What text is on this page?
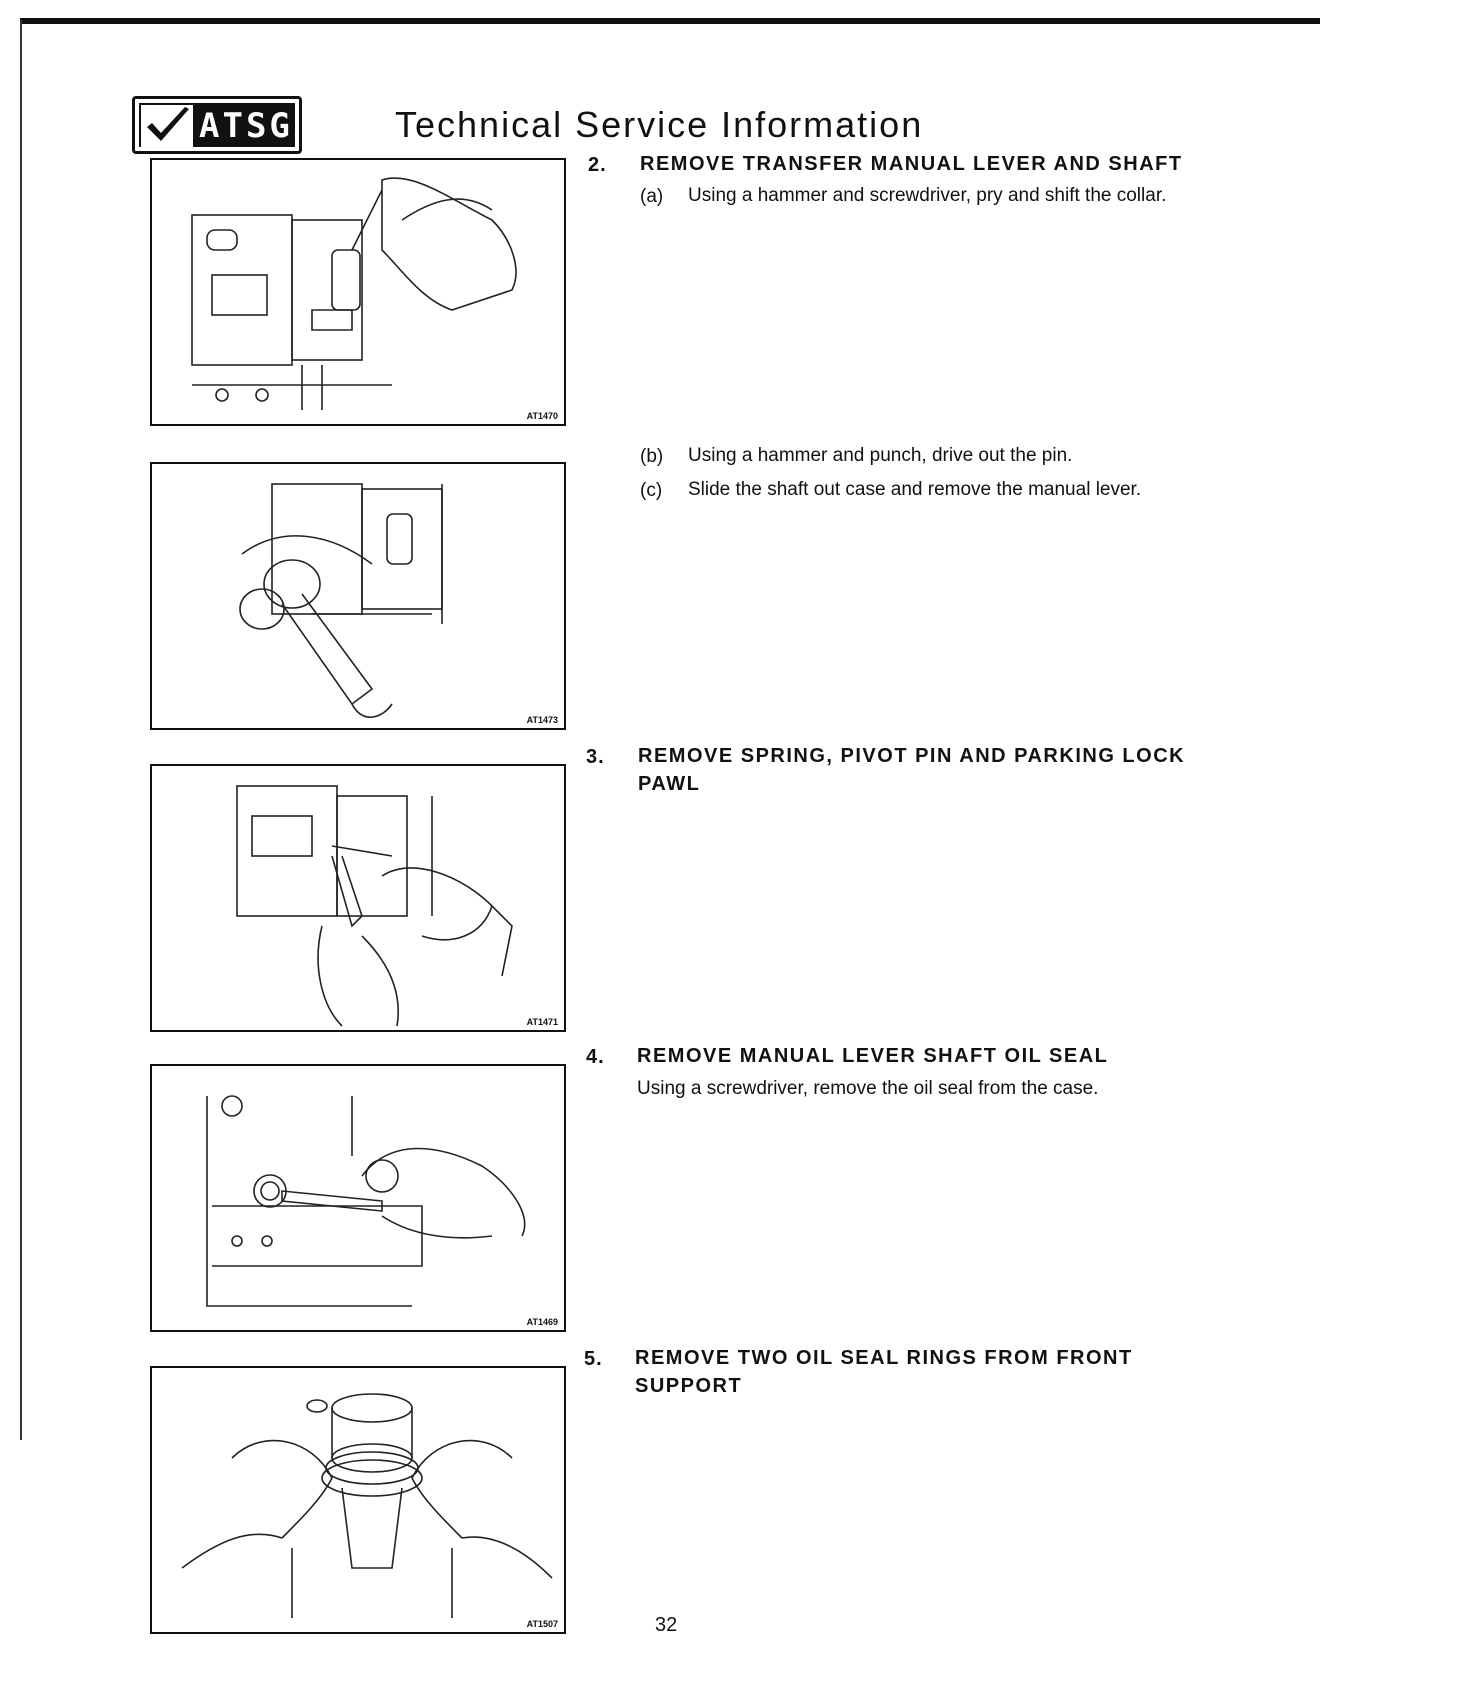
ATSG	Technical Service Information
AT1470
AT1473
AT1471
AT1469
AT1507
2. REMOVE TRANSFER MANUAL LEVER AND SHAFT
(a) Using a hammer and screwdriver, pry and shift the collar.
(b) Using a hammer and punch, drive out the pin.
(c) Slide the shaft out case and remove the manual lever.
3. REMOVE SPRING, PIVOT PIN AND PARKING LOCK PAWL
4. REMOVE MANUAL LEVER SHAFT OIL SEAL
Using a screwdriver, remove the oil seal from the case.
5. REMOVE TWO OIL SEAL RINGS FROM FRONT SUPPORT
32
